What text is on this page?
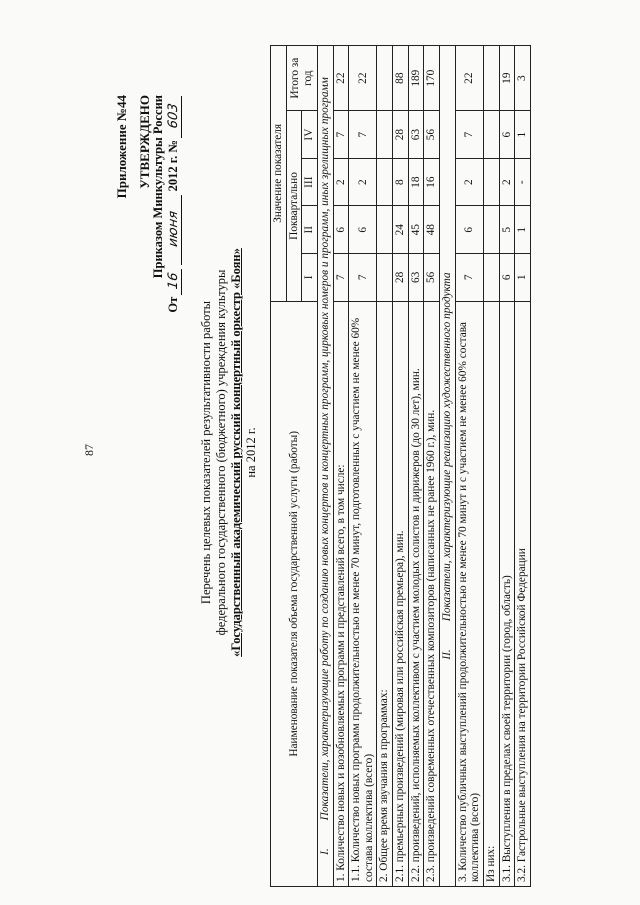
87
Приложение №44 УТВЕРЖДЕНО Приказом Минкультуры России
От 16 июня 2012 г. № 603
Перечень целевых показателей результативности работы федерального государственного (бюджетного) учреждения культуры «Государственный академический русский концертный оркестр «Боян» на 2012 г.	Наименование показателя объема государственной услуги (работы)	Значение показателя				
	Поквартально				Итого за год
	I	II	III	IV	
I.Показатели, характеризующие работу по созданию новых концертов и концертных программ, цирковых номеров и программ, иных зрелищных программ					
1. Количество новых и возобновляемых программ и представлений всего, в том числе:	7	6	2	7	22
1.1. Количество новых программ продолжительностью не менее 70 минут, подготовленных с участием не менее 60% состава коллектива (всего)	7	6	2	7	22
2. Общее время звучания в программах:					
2.1. премьерных произведений (мировая или российская премьера), мин.	28	24	8	28	88
2.2. произведений, исполняемых коллективом с участием молодых солистов и дирижеров (до 30 лет), мин.	63	45	18	63	189
2.3. произведений современных отечественных композиторов (написанных не ранее 1960 г.), мин.	56	48	16	56	170
II.Показатели, характеризующие реализацию художественного продукта					
3. Количество публичных выступлений продолжительностью не менее 70 минут и с участием не менее 60% состава коллектива (всего)	7	6	2	7	22
Из них:					
3.1. Выступления в пределах своей территории (город, область)	6	5	2	6	19
3.2. Гастрольные выступления на территории Российской Федерации	1	1	-	1	3
